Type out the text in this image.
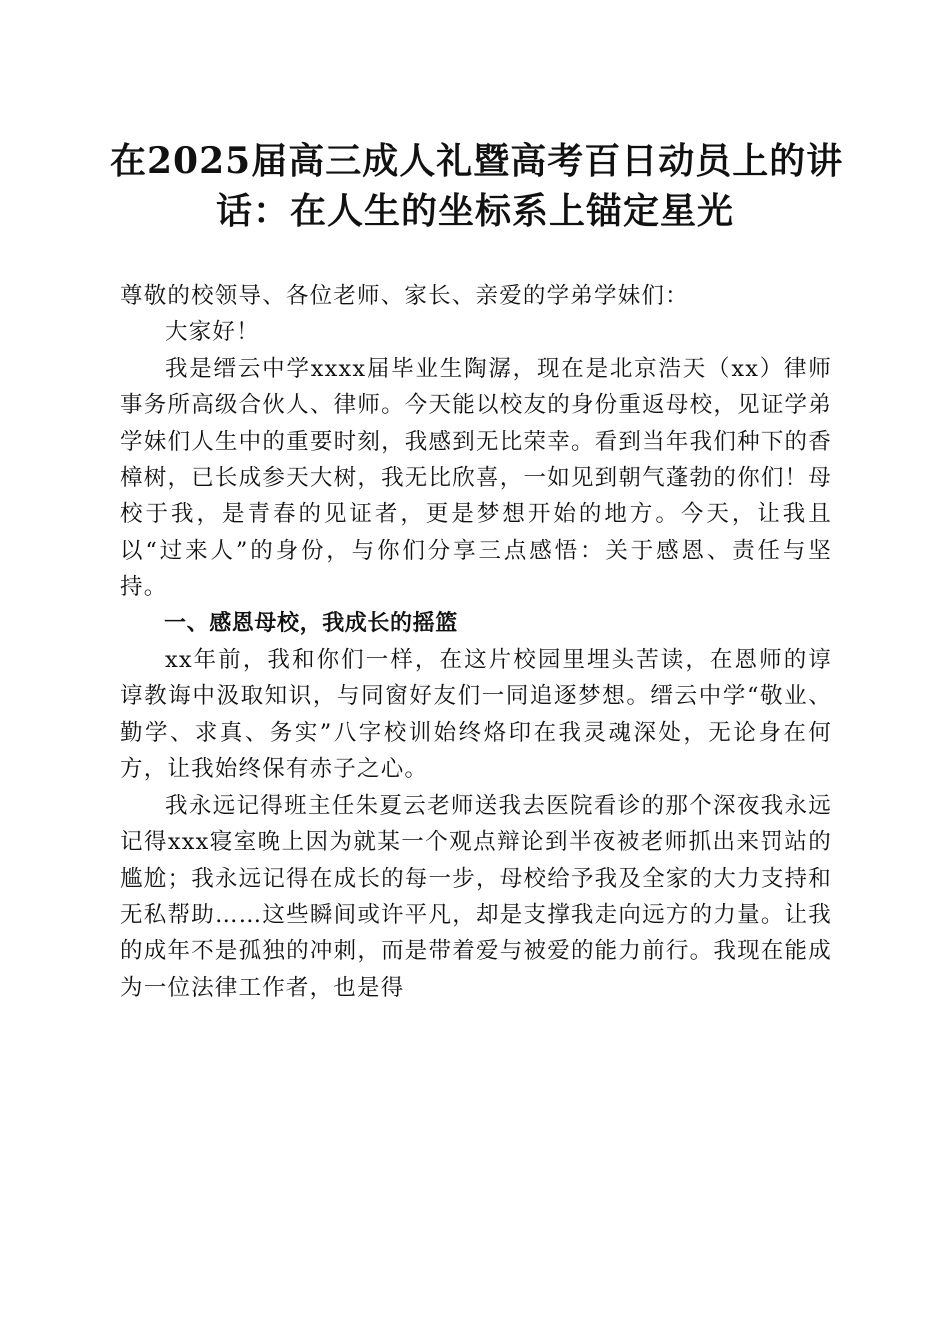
在2025届高三成人礼暨高考百日动员上的讲
话：在人生的坐标系上锚定星光

尊敬的校领导、各位老师、家长、亲爱的学弟学妹们：

大家好！

我是缙云中学xxxx届毕业生陶潺，现在是北京浩天（xx）律师事务所高级合伙人、律师。今天能以校友的身份重返母校，见证学弟学妹们人生中的重要时刻，我感到无比荣幸。看到当年我们种下的香樟树，已长成参天大树，我无比欣喜，一如见到朝气蓬勃的你们！母校于我，是青春的见证者，更是梦想开始的地方。今天，让我且以“过来人”的身份，与你们分享三点感悟：关于感恩、责任与坚持。

一、感恩母校，我成长的摇篮

xx年前，我和你们一样，在这片校园里埋头苦读，在恩师的谆谆教诲中汲取知识，与同窗好友们一同追逐梦想。缙云中学“敬业、勤学、求真、务实”八字校训始终烙印在我灵魂深处，无论身在何方，让我始终保有赤子之心。

我永远记得班主任朱夏云老师送我去医院看诊的那个深夜我永远记得xxx寝室晚上因为就某一个观点辩论到半夜被老师抓出来罚站的尴尬；我永远记得在成长的每一步，母校给予我及全家的大力支持和无私帮助……这些瞬间或许平凡，却是支撑我走向远方的力量。让我的成年不是孤独的冲刺，而是带着爱与被爱的能力前行。我现在能成为一位法律工作者，也是得
